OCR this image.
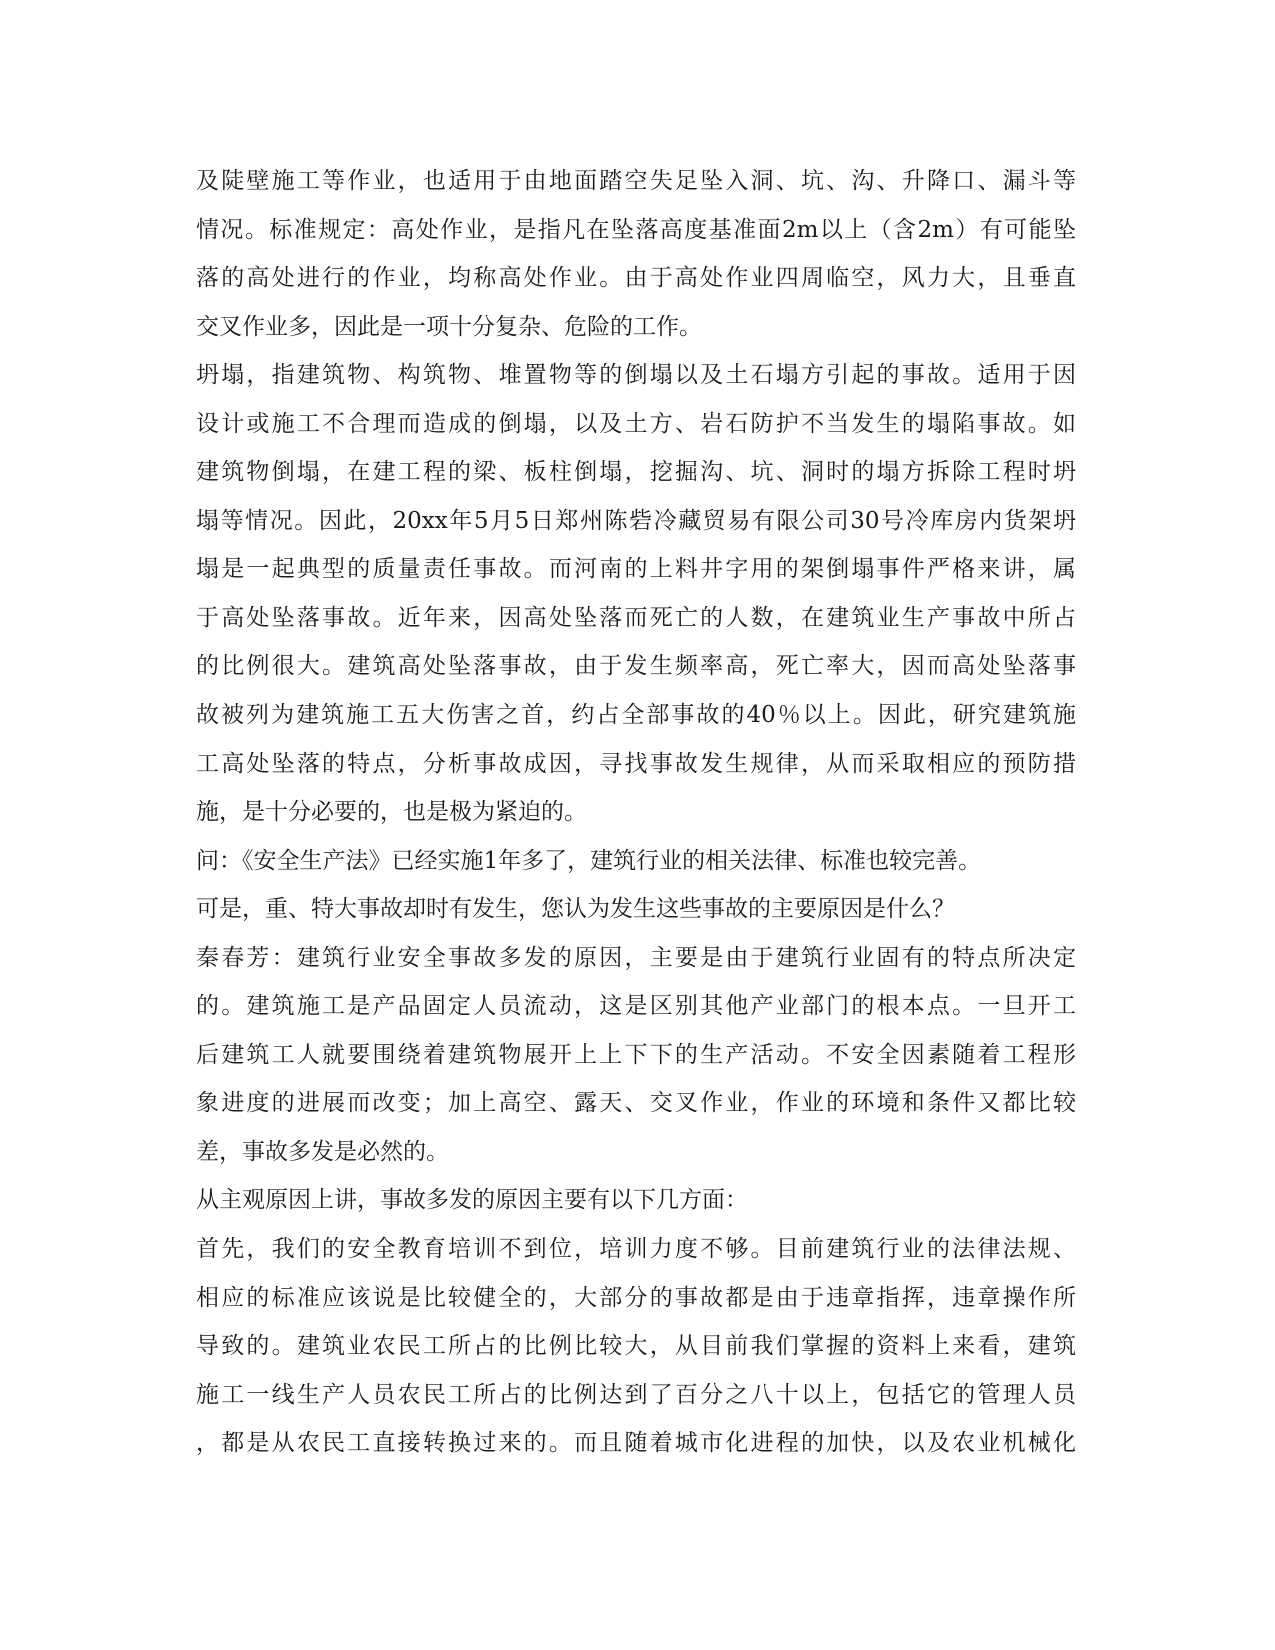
及陡壁施工等作业，也适用于由地面踏空失足坠入洞、坑、沟、升降口、漏斗等
情况。标准规定：高处作业，是指凡在坠落高度基准面2m以上（含2m）有可能坠
落的高处进行的作业，均称高处作业。由于高处作业四周临空，风力大，且垂直
交叉作业多，因此是一项十分复杂、危险的工作。
坍塌，指建筑物、构筑物、堆置物等的倒塌以及土石塌方引起的事故。适用于因
设计或施工不合理而造成的倒塌，以及土方、岩石防护不当发生的塌陷事故。如
建筑物倒塌，在建工程的梁、板柱倒塌，挖掘沟、坑、洞时的塌方拆除工程时坍
塌等情况。因此，20xx年5月5日郑州陈砦冷藏贸易有限公司30号冷库房内货架坍
塌是一起典型的质量责任事故。而河南的上料井字用的架倒塌事件严格来讲，属
于高处坠落事故。近年来，因高处坠落而死亡的人数，在建筑业生产事故中所占
的比例很大。建筑高处坠落事故，由于发生频率高，死亡率大，因而高处坠落事
故被列为建筑施工五大伤害之首，约占全部事故的40％以上。因此，研究建筑施
工高处坠落的特点，分析事故成因，寻找事故发生规律，从而采取相应的预防措
施，是十分必要的，也是极为紧迫的。
问：《安全生产法》已经实施1年多了，建筑行业的相关法律、标准也较完善。
可是，重、特大事故却时有发生，您认为发生这些事故的主要原因是什么？
秦春芳：建筑行业安全事故多发的原因，主要是由于建筑行业固有的特点所决定
的。建筑施工是产品固定人员流动，这是区别其他产业部门的根本点。一旦开工
后建筑工人就要围绕着建筑物展开上上下下的生产活动。不安全因素随着工程形
象进度的进展而改变；加上高空、露天、交叉作业，作业的环境和条件又都比较
差，事故多发是必然的。
从主观原因上讲，事故多发的原因主要有以下几方面：
首先，我们的安全教育培训不到位，培训力度不够。目前建筑行业的法律法规、
相应的标准应该说是比较健全的，大部分的事故都是由于违章指挥，违章操作所
导致的。建筑业农民工所占的比例比较大，从目前我们掌握的资料上来看，建筑
施工一线生产人员农民工所占的比例达到了百分之八十以上，包括它的管理人员
，都是从农民工直接转换过来的。而且随着城市化进程的加快，以及农业机械化
